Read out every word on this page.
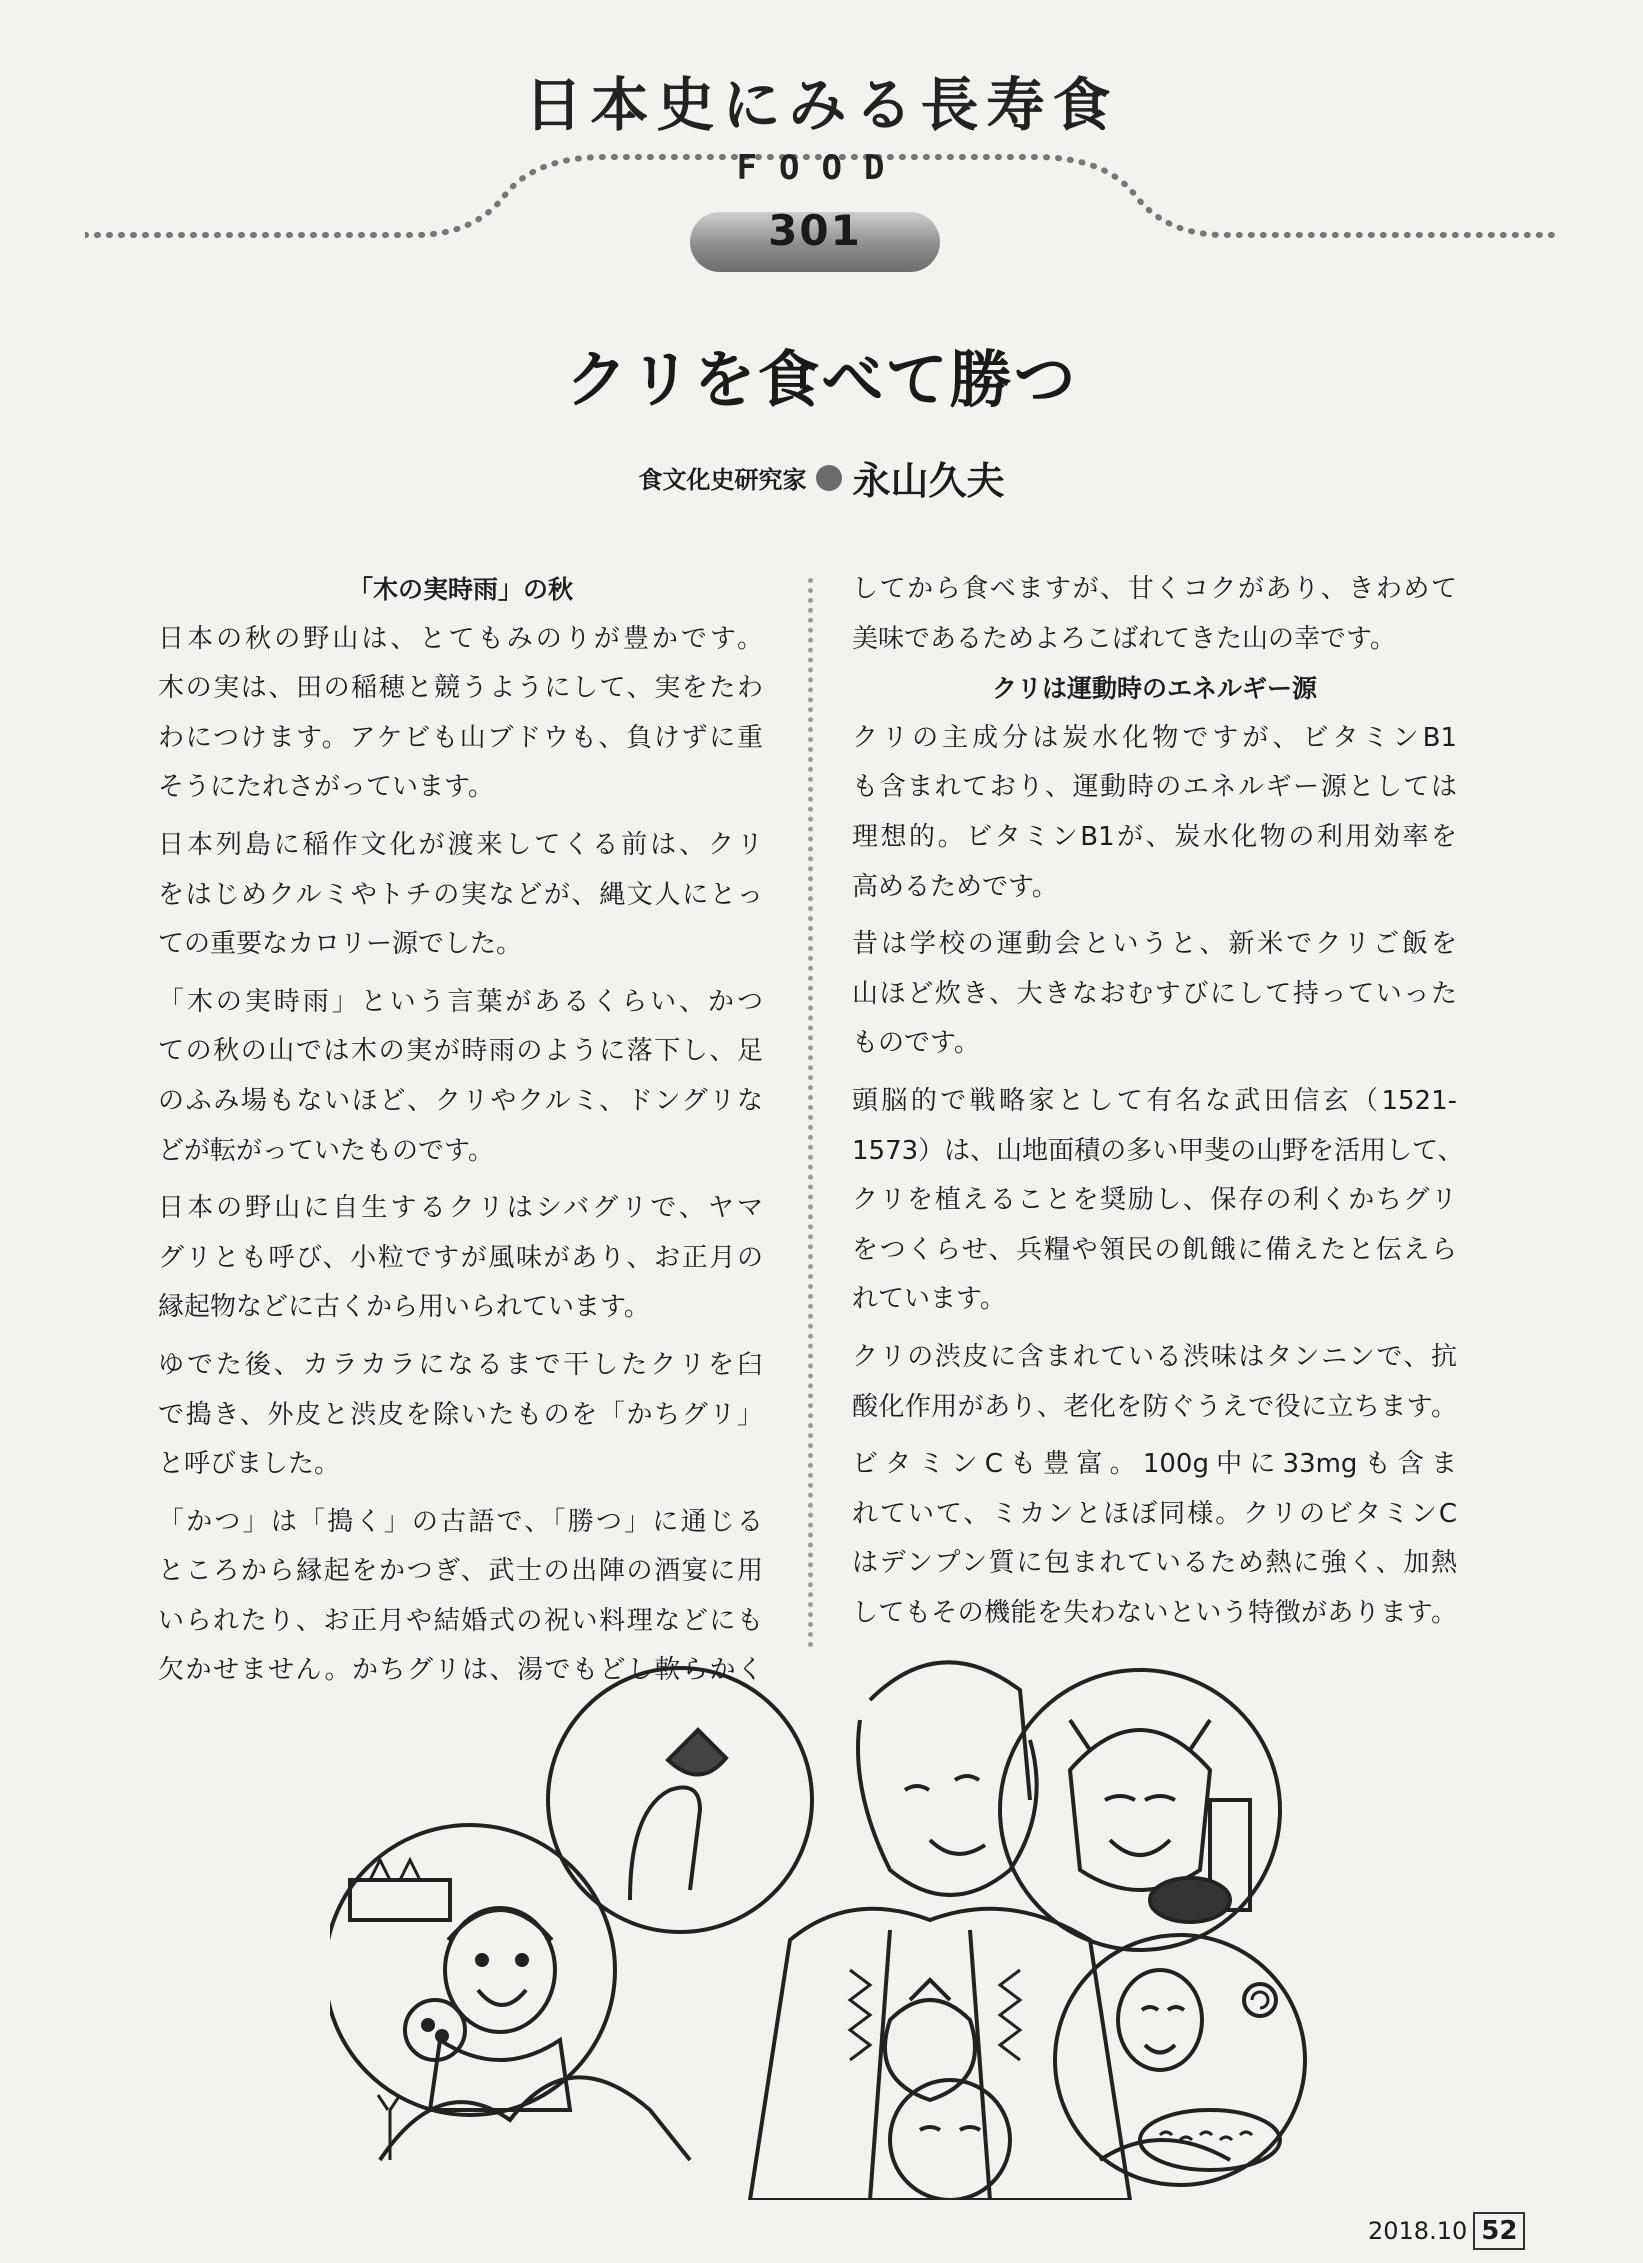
日本史にみる長寿食
FOOD
301
クリを食べて勝つ
食文化史研究家 永山久夫

「木の実時雨」の秋

日本の秋の野山は、とてもみのりが豊かです。

木の実は、田の稲穂と競うようにして、実をたわ

わにつけます。アケビも山ブドウも、負けずに重

そうにたれさがっています。

日本列島に稲作文化が渡来してくる前は、クリ

をはじめクルミやトチの実などが、縄文人にとっ

ての重要なカロリー源でした。

「木の実時雨」という言葉があるくらい、かつ

ての秋の山では木の実が時雨のように落下し、足

のふみ場もないほど、クリやクルミ、ドングリな

どが転がっていたものです。

日本の野山に自生するクリはシバグリで、ヤマ

グリとも呼び、小粒ですが風味があり、お正月の

縁起物などに古くから用いられています。

ゆでた後、カラカラになるまで干したクリを臼

で搗き、外皮と渋皮を除いたものを「かちグリ」

と呼びました。

「かつ」は「搗く」の古語で、「勝つ」に通じる

ところから縁起をかつぎ、武士の出陣の酒宴に用

いられたり、お正月や結婚式の祝い料理などにも

欠かせません。かちグリは、湯でもどし軟らかく

してから食べますが、甘くコクがあり、きわめて

美味であるためよろこばれてきた山の幸です。

クリは運動時のエネルギー源

クリの主成分は炭水化物ですが、ビタミンB1

も含まれており、運動時のエネルギー源としては

理想的。ビタミンB1が、炭水化物の利用効率を

高めるためです。

昔は学校の運動会というと、新米でクリご飯を

山ほど炊き、大きなおむすびにして持っていった

ものです。

頭脳的で戦略家として有名な武田信玄（1521-

1573）は、山地面積の多い甲斐の山野を活用して、

クリを植えることを奨励し、保存の利くかちグリ

をつくらせ、兵糧や領民の飢餓に備えたと伝えら

れています。

クリの渋皮に含まれている渋味はタンニンで、抗

酸化作用があり、老化を防ぐうえで役に立ちます。

ビタミンCも豊富。100g中に33mgも含ま

れていて、ミカンとほぼ同様。クリのビタミンC

はデンプン質に包まれているため熱に強く、加熱

してもその機能を失わないという特徴があります。

2018.10 52
